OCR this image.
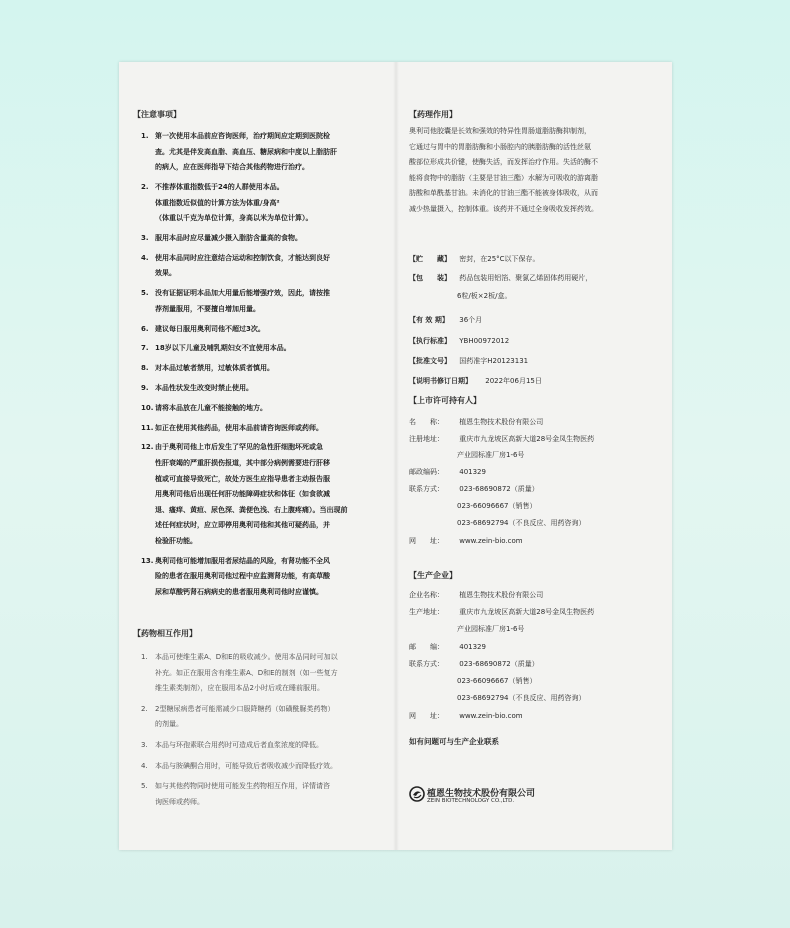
【注意事项】
1. 第一次使用本品前应咨询医师，治疗期间应定期到医院检
查。尤其是伴发高血脂、高血压、糖尿病和中度以上脂肪肝
的病人，应在医师指导下结合其他药物进行治疗。
2. 不推荐体重指数低于24的人群使用本品。
体重指数近似值的计算方法为体重/身高²
（体重以千克为单位计算，身高以米为单位计算）。
3. 服用本品时应尽量减少摄入脂肪含量高的食物。
4. 使用本品同时应注意结合运动和控制饮食，才能达到良好
效果。
5. 没有证据证明本品加大用量后能增强疗效，因此，请按推
荐剂量服用，不要擅自增加用量。
6. 建议每日服用奥利司他不超过3次。
7. 18岁以下儿童及哺乳期妇女不宜使用本品。
8. 对本品过敏者禁用，过敏体质者慎用。
9. 本品性状发生改变时禁止使用。
10. 请将本品放在儿童不能接触的地方。
11. 如正在使用其他药品，使用本品前请咨询医师或药师。
12. 由于奥利司他上市后发生了罕见的急性肝细胞坏死或急
性肝衰竭的严重肝损伤报道，其中部分病例需要进行肝移
植或可直接导致死亡，故处方医生应指导患者主动报告服
用奥利司他后出现任何肝功能障碍症状和体征（如食欲减
退、瘙痒、黄疸、尿色深、粪便色浅、右上腹疼痛）。当出现前
述任何症状时，应立即停用奥利司他和其他可疑药品，并
检验肝功能。
13. 奥利司他可能增加服用者尿结晶的风险，有肾功能不全风
险的患者在服用奥利司他过程中应监测肾功能，有高草酸
尿和草酸钙肾石病病史的患者服用奥利司他时应谨慎。
【药物相互作用】
1. 本品可使维生素A、D和E的吸收减少。使用本品同时可加以
补充。如正在服用含有维生素A、D和E的制剂（如一些复方
维生素类制剂），应在服用本品2小时后或在睡前服用。
2. 2型糖尿病患者可能需减少口服降糖药（如磺酰脲类药物）
的剂量。
3. 本品与环孢素联合用药时可造成后者血浆浓度的降低。
4. 本品与胺碘酮合用时，可能导致后者吸收减少而降低疗效。
5. 如与其他药物同时使用可能发生药物相互作用，详情请咨
询医师或药师。
【药理作用】
奥利司他胶囊是长效和强效的特异性胃肠道脂肪酶抑制剂，
它通过与胃中的胃脂肪酶和小肠腔内的胰脂肪酶的活性丝氨
酸部位形成共价键，使酶失活，而发挥治疗作用。失活的酶不
能将食物中的脂肪（主要是甘油三酯）水解为可吸收的游离脂
肪酸和单酰基甘油。未消化的甘油三酯不能被身体吸收，从而
减少热量摄入，控制体重。该药并不通过全身吸收发挥药效。
【贮　　藏】 密封，在25°C以下保存。
【包　　装】 药品包装用铝箔、聚氯乙烯固体药用硬片，
6粒/板×2板/盒。
【有 效 期】 36个月
【执行标准】 YBH00972012
【批准文号】 国药准字H20123131
【说明书修订日期】 2022年06月15日
【上市许可持有人】
名　　称： 植恩生物技术股份有限公司
注册地址： 重庆市九龙坡区高新大道28号金凤生物医药
产业园标准厂房1-6号
邮政编码： 401329
联系方式： 023-68690872（质量）
023-66096667（销售）
023-68692794（不良反应、用药咨询）
网　　址： www.zein-bio.com
【生产企业】
企业名称： 植恩生物技术股份有限公司
生产地址： 重庆市九龙坡区高新大道28号金凤生物医药
产业园标准厂房1-6号
邮　　编： 401329
联系方式： 023-68690872（质量）
023-66096667（销售）
023-68692794（不良反应、用药咨询）
网　　址： www.zein-bio.com
如有问题可与生产企业联系
植恩生物技术股份有限公司
ZEIN BIOTECHNOLOGY CO.,LTD.
